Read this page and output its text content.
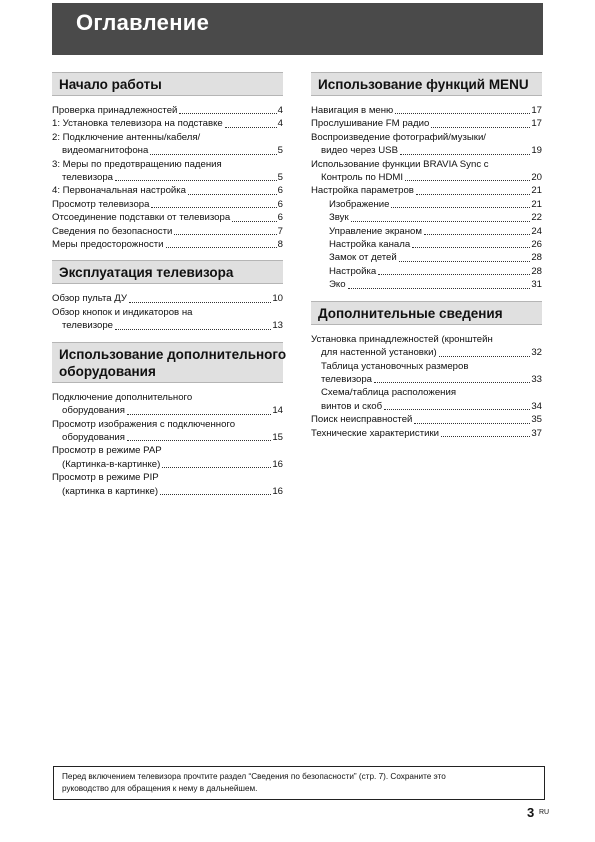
Оглавление
Начало работы
Проверка принадлежностей	4
1: Установка телевизора на подставке	4
2: Подключение антенны/кабеля/
видеомагнитофона	5
3: Меры по предотвращению падения
телевизора	5
4: Первоначальная настройка	6
Просмотр телевизора	6
Отсоединение подставки от телевизора	6
Сведения по безопасности	7
Меры предосторожности	8
Эксплуатация телевизора
Обзор пульта ДУ	10
Обзор кнопок и индикаторов на
телевизоре	13
Использование дополнительного
оборудования
Подключение дополнительного
оборудования	14
Просмотр изображения с подключенного
оборудования	15
Просмотр в режиме PAP
(Картинка-в-картинке)	16
Просмотр в режиме PIP
(картинка в картинке)	16
Использование функций MENU
Навигация в меню	17
Прослушивание FM радио	17
Воспроизведение фотографий/музыки/
видео через USB	19
Использование функции BRAVIA Sync с
Контроль по HDMI	20
Настройка параметров	21
Изображение	21
Звук	22
Управление экраном	24
Настройка канала	26
Замок от детей	28
Настройка	28
Эко	31
Дополнительные сведения
Установка принадлежностей (кронштейн
для настенной установки)	32
Таблица установочных размеров
телевизора	33
Схема/таблица расположения
винтов и скоб	34
Поиск неисправностей	35
Технические характеристики	37
Перед включением телевизора прочтите раздел “Сведения по безопасности” (стр. 7). Сохраните это
руководство для обращения к нему в дальнейшем.
3 RU
